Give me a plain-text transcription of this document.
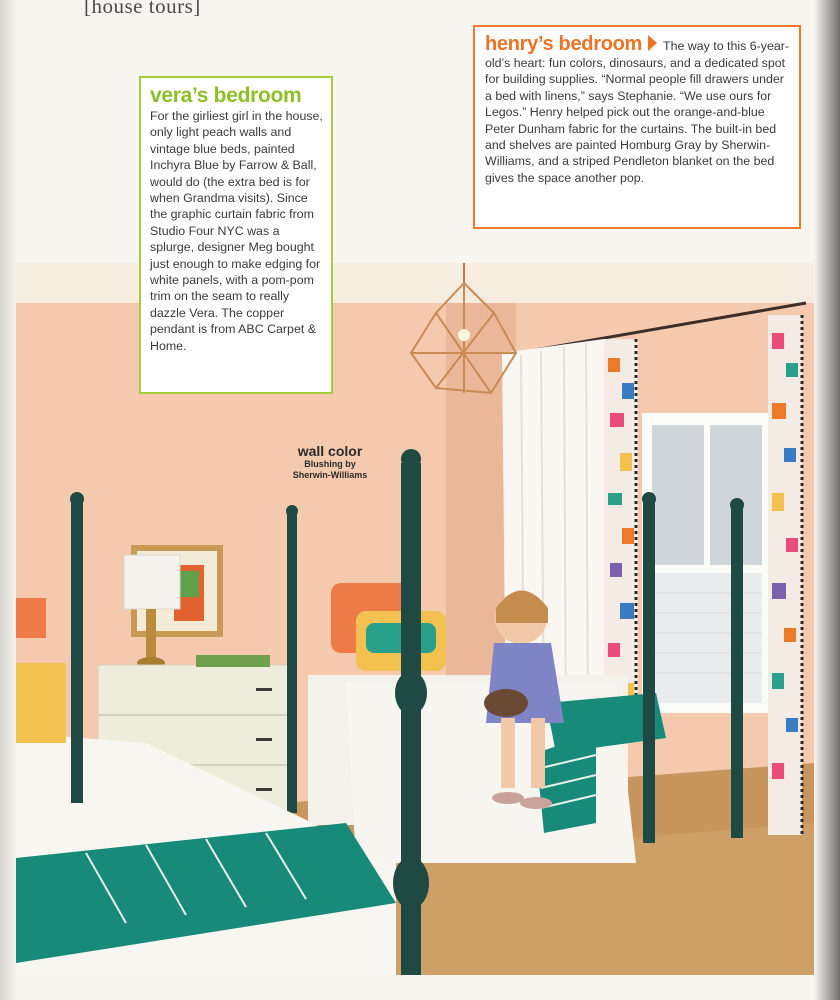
[house tours]
wall color
Blushing by
Sherwin-Williams
vera’s bedroom
For the girliest girl in the house, only light peach walls and vintage blue beds, painted Inchyra Blue by Farrow & Ball, would do (the extra bed is for when Grandma visits). Since the graphic curtain fabric from Studio Four NYC was a splurge, designer Meg bought just enough to make edging for white panels, with a pom-pom trim on the seam to really dazzle Vera. The copper pendant is from ABC Carpet & Home.
henry’s bedroom The way to this 6-year-old’s heart: fun colors, dinosaurs, and a dedicated spot for building supplies. “Normal people fill drawers under a bed with linens,” says Stephanie. “We use ours for Legos.” Henry helped pick out the orange-and-blue Peter Dunham fabric for the curtains. The built-in bed and shelves are painted Homburg Gray by Sherwin-Williams, and a striped Pendleton blanket on the bed gives the space another pop.
